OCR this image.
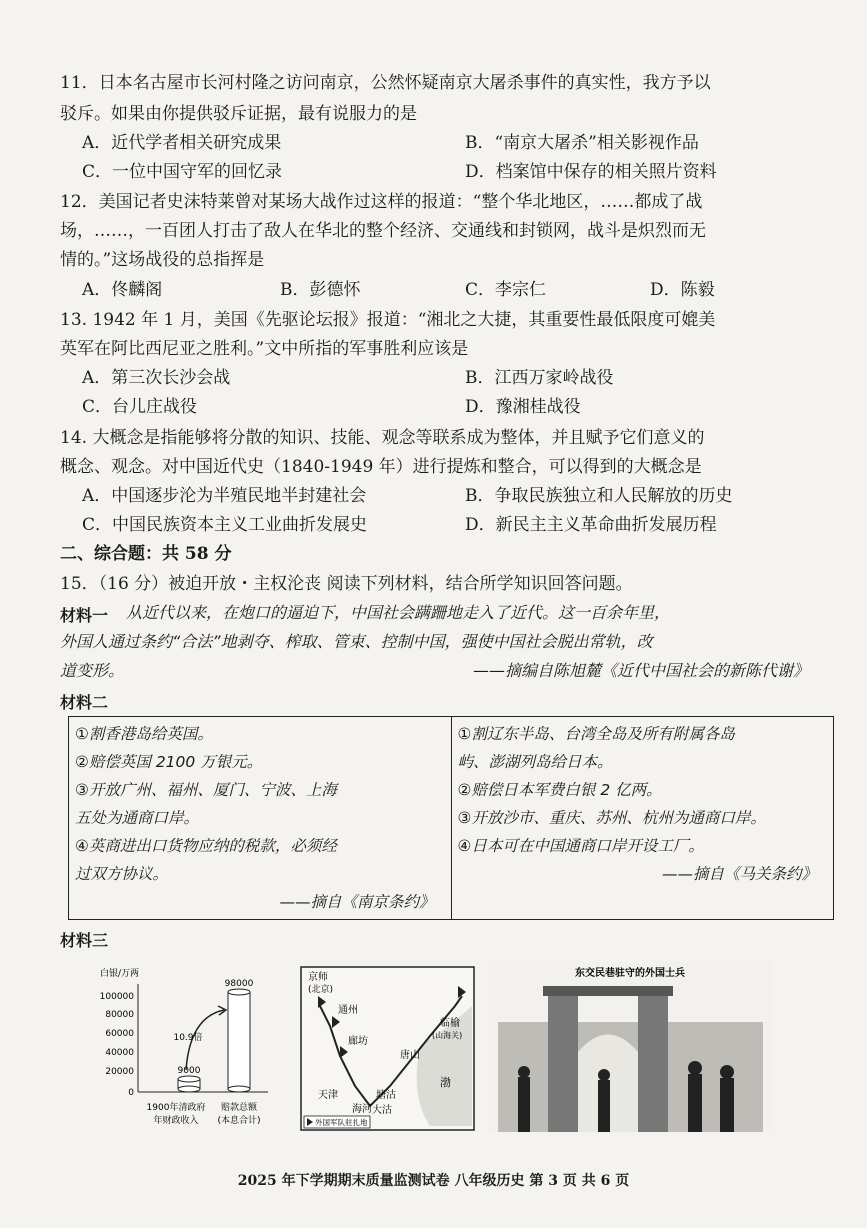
11．日本名古屋市长河村隆之访问南京，公然怀疑南京大屠杀事件的真实性，我方予以
驳斥。如果由你提供驳斥证据，最有说服力的是
A．近代学者相关研究成果	B．“南京大屠杀”相关影视作品
C．一位中国守军的回忆录	D．档案馆中保存的相关照片资料
12．美国记者史沫特莱曾对某场大战作过这样的报道：“整个华北地区，……都成了战
场，……，一百团人打击了敌人在华北的整个经济、交通线和封锁网，战斗是炽烈而无
情的。”这场战役的总指挥是
A．佟麟阁	B．彭德怀	C．李宗仁	D．陈毅
13. 1942 年 1 月，美国《先驱论坛报》报道：“湘北之大捷，其重要性最低限度可媲美
英军在阿比西尼亚之胜利。”文中所指的军事胜利应该是
A．第三次长沙会战	B．江西万家岭战役
C．台儿庄战役	D．豫湘桂战役
14. 大概念是指能够将分散的知识、技能、观念等联系成为整体，并且赋予它们意义的
概念、观念。对中国近代史（1840-1949 年）进行提炼和整合，可以得到的大概念是
A．中国逐步沦为半殖民地半封建社会	B．争取民族独立和人民解放的历史
C．中国民族资本主义工业曲折发展史	D．新民主主义革命曲折发展历程
二、综合题：共 58 分
15．（16 分）被迫开放・主权沦丧 阅读下列材料，结合所学知识回答问题。
材料一 从近代以来，在炮口的逼迫下，中国社会蹒跚地走入了近代。这一百余年里，
外国人通过条约“合法”地剥夺、榨取、管束、控制中国，强使中国社会脱出常轨，改
道变形。	——摘编自陈旭麓《近代中国社会的新陈代谢》
材料二
①割香港岛给英国。
②赔偿英国 2100 万银元。
③开放广州、福州、厦门、宁波、上海
五处为通商口岸。
④英商进出口货物应纳的税款，必须经
过双方协议。
——摘自《南京条约》

①割辽东半岛、台湾全岛及所有附属各岛
屿、澎湖列岛给日本。
②赔偿日本军费白银 2 亿两。
③开放沙市、重庆、苏州、杭州为通商口岸。
④日本可在中国通商口岸开设工厂。
——摘自《马关条约》
材料三
白银/万两
100000
80000
60000
40000
20000
0
9000
98000
10.9倍
1900年清政府
年财政收入
赔款总额
(本息合计)
京师
(北京)
通州
廊坊
唐山
临榆
(山海关)
天津	塘沽
海河 大沽
渤
外国军队驻扎地
东交民巷驻守的外国士兵
2025 年下学期期末质量监测试卷 八年级历史 第 3 页 共 6 页
